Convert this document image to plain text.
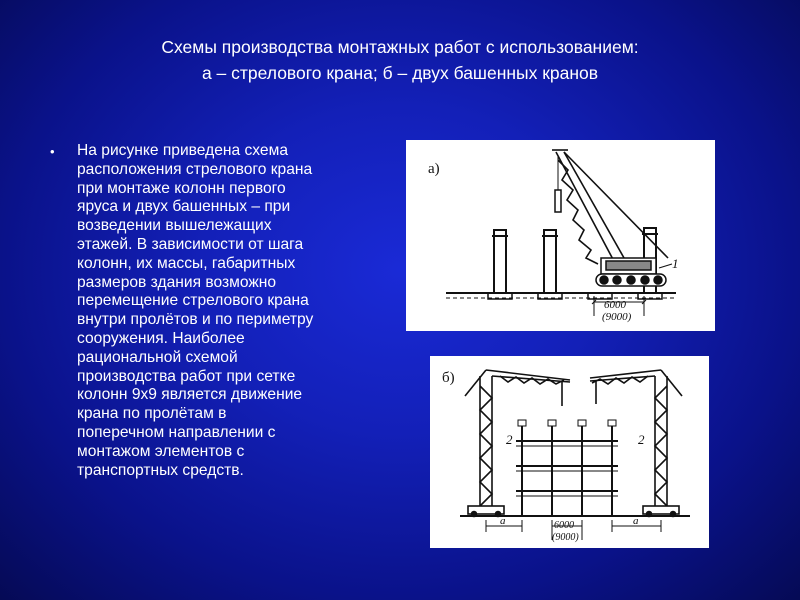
Схемы производства монтажных работ с использованием:
а – стрелового крана; б – двух башенных кранов
• На рисунке приведена схема
расположения стрелового крана
при монтаже колонн первого
яруса и двух башенных – при
возведении вышележащих
этажей. В зависимости от шага
колонн, их массы, габаритных
размеров здания возможно
перемещение стрелового крана
внутри пролётов и по периметру
сооружения. Наиболее
рациональной схемой
производства работ при сетке
колонн 9х9 является движение
крана по пролётам в
поперечном направлении с
монтажом элементов с
транспортных средств.
а)
1
6000
(9000)
б)
2	2
а	6000
(9000)
а
